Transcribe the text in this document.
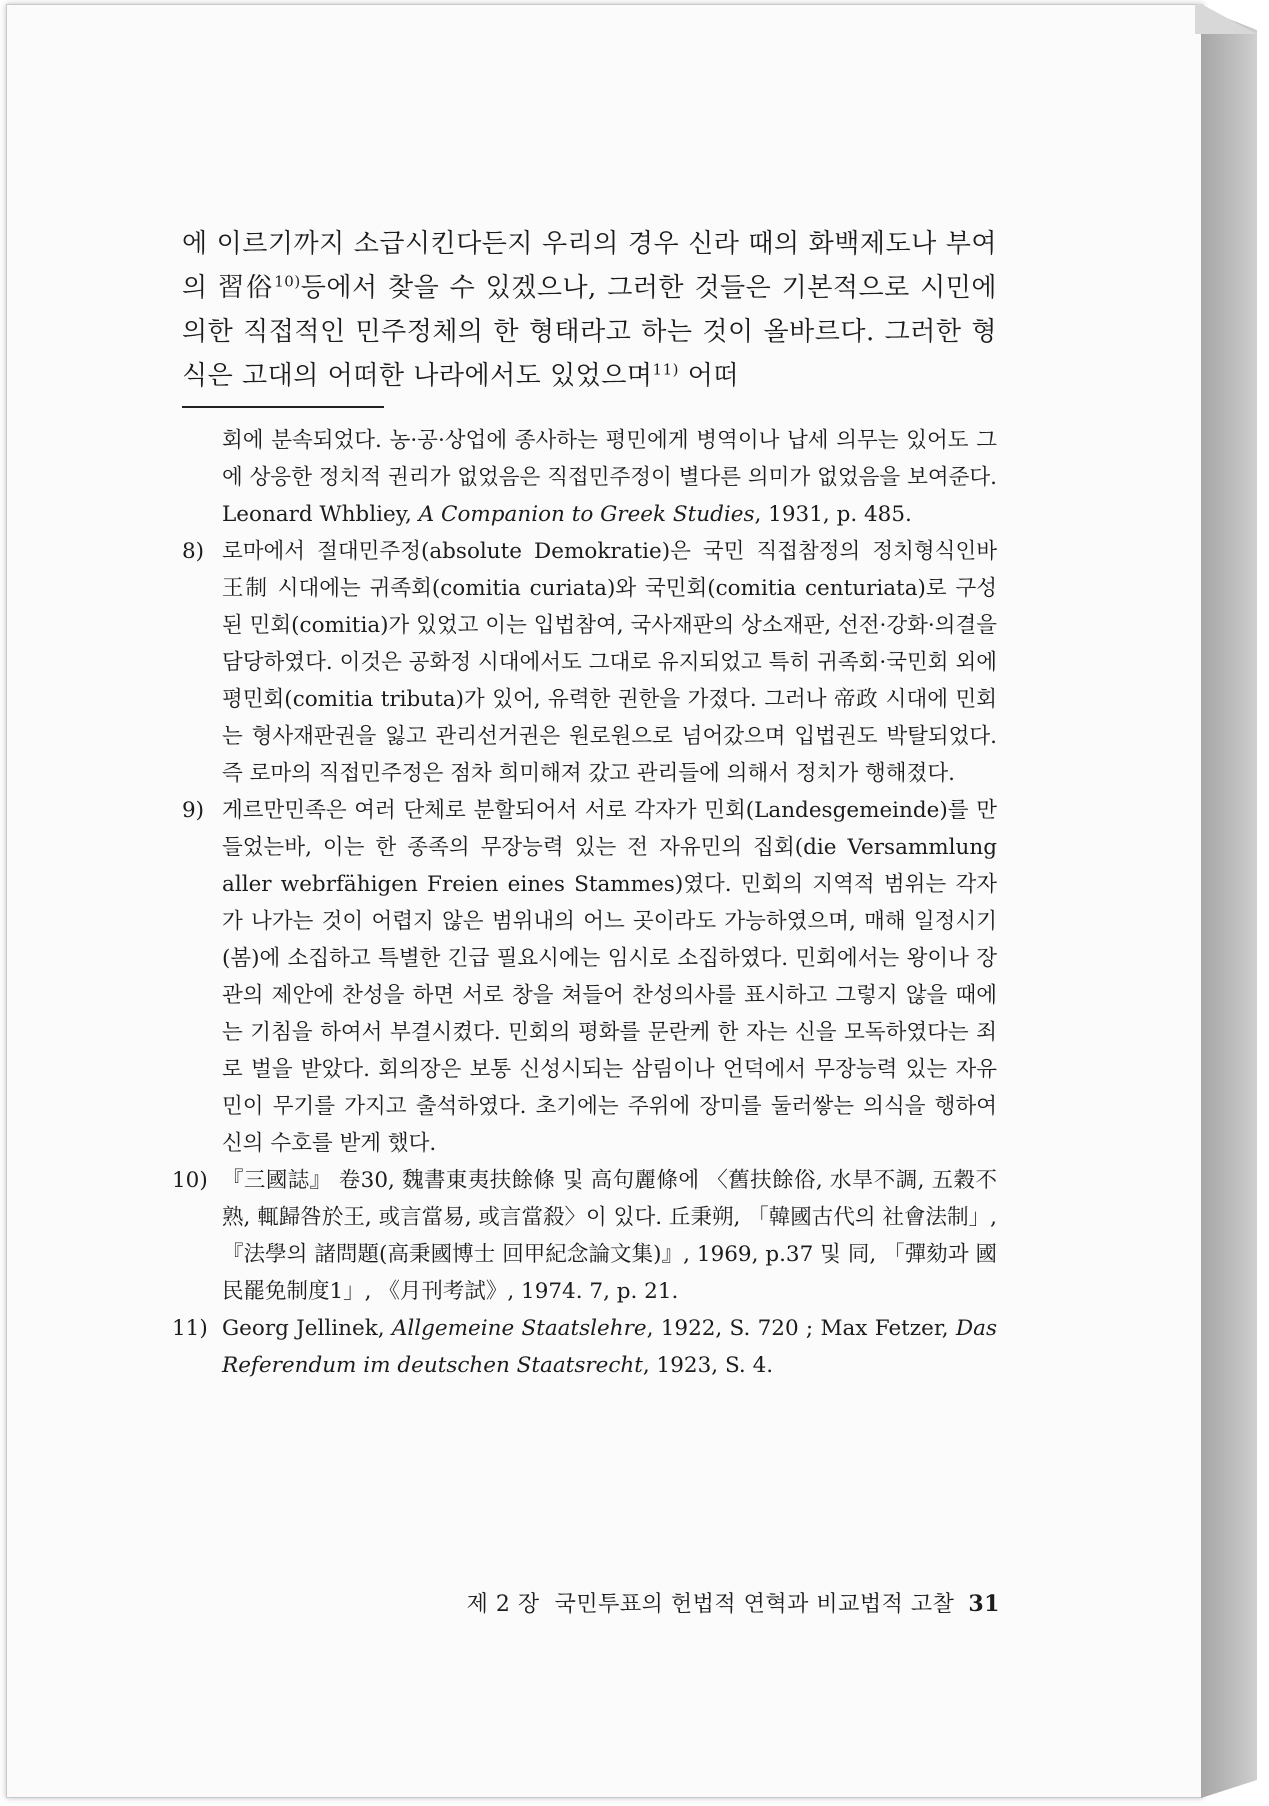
에 이르기까지 소급시킨다든지 우리의 경우 신라 때의 화백제도나 부여의 習俗$^{10)}$등에서 찾을 수 있겠으나, 그러한 것들은 기본적으로 시민에 의한 직접적인 민주정체의 한 형태라고 하는 것이 올바르다. 그러한 형식은 고대의 어떠한 나라에서도 있었으며$^{11)}$ 어떠

회에 분속되었다. 농·공·상업에 종사하는 평민에게 병역이나 납세 의무는 있어도 그에 상응한 정치적 권리가 없었음은 직접민주정이 별다른 의미가 없었음을 보여준다. Leonard Whbliey, A Companion to Greek Studies, 1931, p. 485.

8) 로마에서 절대민주정(absolute Demokratie)은 국민 직접참정의 정치형식인바 王制 시대에는 귀족회(comitia curiata)와 국민회(comitia centuriata)로 구성된 민회(comitia)가 있었고 이는 입법참여, 국사재판의 상소재판, 선전·강화·의결을 담당하였다. 이것은 공화정 시대에서도 그대로 유지되었고 특히 귀족회·국민회 외에 평민회(comitia tributa)가 있어, 유력한 권한을 가졌다. 그러나 帝政 시대에 민회는 형사재판권을 잃고 관리선거권은 원로원으로 넘어갔으며 입법권도 박탈되었다. 즉 로마의 직접민주정은 점차 희미해져 갔고 관리들에 의해서 정치가 행해졌다.
9) 게르만민족은 여러 단체로 분할되어서 서로 각자가 민회(Landesgemeinde)를 만들었는바, 이는 한 종족의 무장능력 있는 전 자유민의 집회(die Versammlung aller webrfähigen Freien eines Stammes)였다. 민회의 지역적 범위는 각자가 나가는 것이 어렵지 않은 범위내의 어느 곳이라도 가능하였으며, 매해 일정시기(봄)에 소집하고 특별한 긴급 필요시에는 임시로 소집하였다. 민회에서는 왕이나 장관의 제안에 찬성을 하면 서로 창을 쳐들어 찬성의사를 표시하고 그렇지 않을 때에는 기침을 하여서 부결시켰다. 민회의 평화를 문란케 한 자는 신을 모독하였다는 죄로 벌을 받았다. 회의장은 보통 신성시되는 삼림이나 언덕에서 무장능력 있는 자유민이 무기를 가지고 출석하였다. 초기에는 주위에 장미를 둘러쌓는 의식을 행하여 신의 수호를 받게 했다.
10) 『三國誌』 卷30, 魏書東夷扶餘條 및 高句麗條에 〈舊扶餘俗, 水旱不調, 五穀不熟, 輒歸咎於王, 或言當易, 或言當殺〉이 있다. 丘秉朔, 「韓國古代의 社會法制」, 『法學의 諸問題(高秉國博士 回甲紀念論文集)』, 1969, p.37 및 同, 「彈劾과 國民罷免制度1」, 《月刊考試》, 1974. 7, p. 21.
11) Georg Jellinek, Allgemeine Staatslehre, 1922, S. 720 ; Max Fetzer, Das Referendum im deutschen Staatsrecht, 1923, S. 4.
제 2 장  국민투표의 헌법적 연혁과 비교법적 고찰 31
